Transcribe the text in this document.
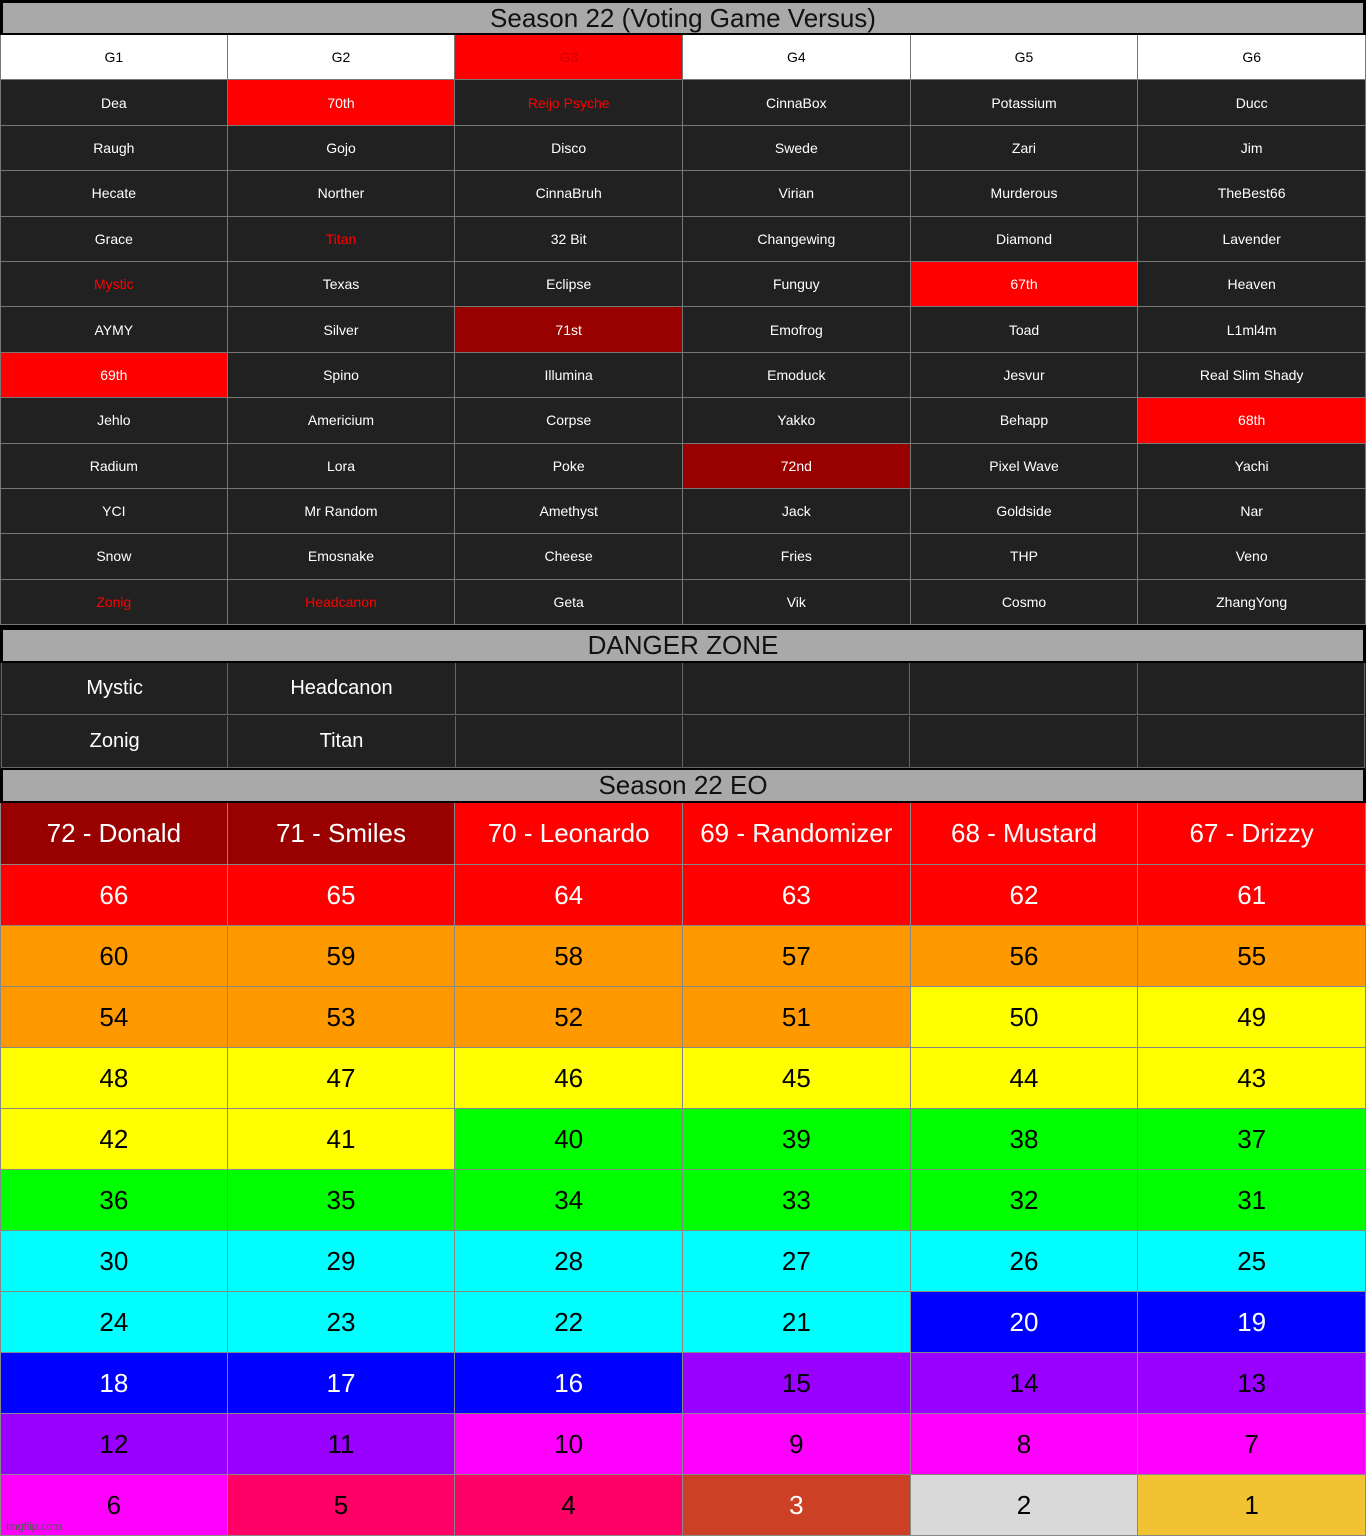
Season 22 (Voting Game Versus)
G1	G2	G3	G4	G5	G6
Dea	70th	Reijo Psyche	CinnaBox	Potassium	Ducc
Raugh	Gojo	Disco	Swede	Zari	Jim
Hecate	Norther	CinnaBruh	Virian	Murderous	TheBest66
Grace	Titan	32 Bit	Changewing	Diamond	Lavender
Mystic	Texas	Eclipse	Funguy	67th	Heaven
AYMY	Silver	71st	Emofrog	Toad	L1ml4m
69th	Spino	Illumina	Emoduck	Jesvur	Real Slim Shady
Jehlo	Americium	Corpse	Yakko	Behapp	68th
Radium	Lora	Poke	72nd	Pixel Wave	Yachi
YCI	Mr Random	Amethyst	Jack	Goldside	Nar
Snow	Emosnake	Cheese	Fries	THP	Veno
Zonig	Headcanon	Geta	Vik	Cosmo	ZhangYong
DANGER ZONE
Mystic	Headcanon
Zonig	Titan
Season 22 EO
72 - Donald	71 - Smiles	70 - Leonardo	69 - Randomizer	68 - Mustard	67 - Drizzy
66	65	64	63	62	61
60	59	58	57	56	55
54	53	52	51	50	49
48	47	46	45	44	43
42	41	40	39	38	37
36	35	34	33	32	31
30	29	28	27	26	25
24	23	22	21	20	19
18	17	16	15	14	13
12	11	10	9	8	7
6	5	4	3	2	1
imgflip.com
